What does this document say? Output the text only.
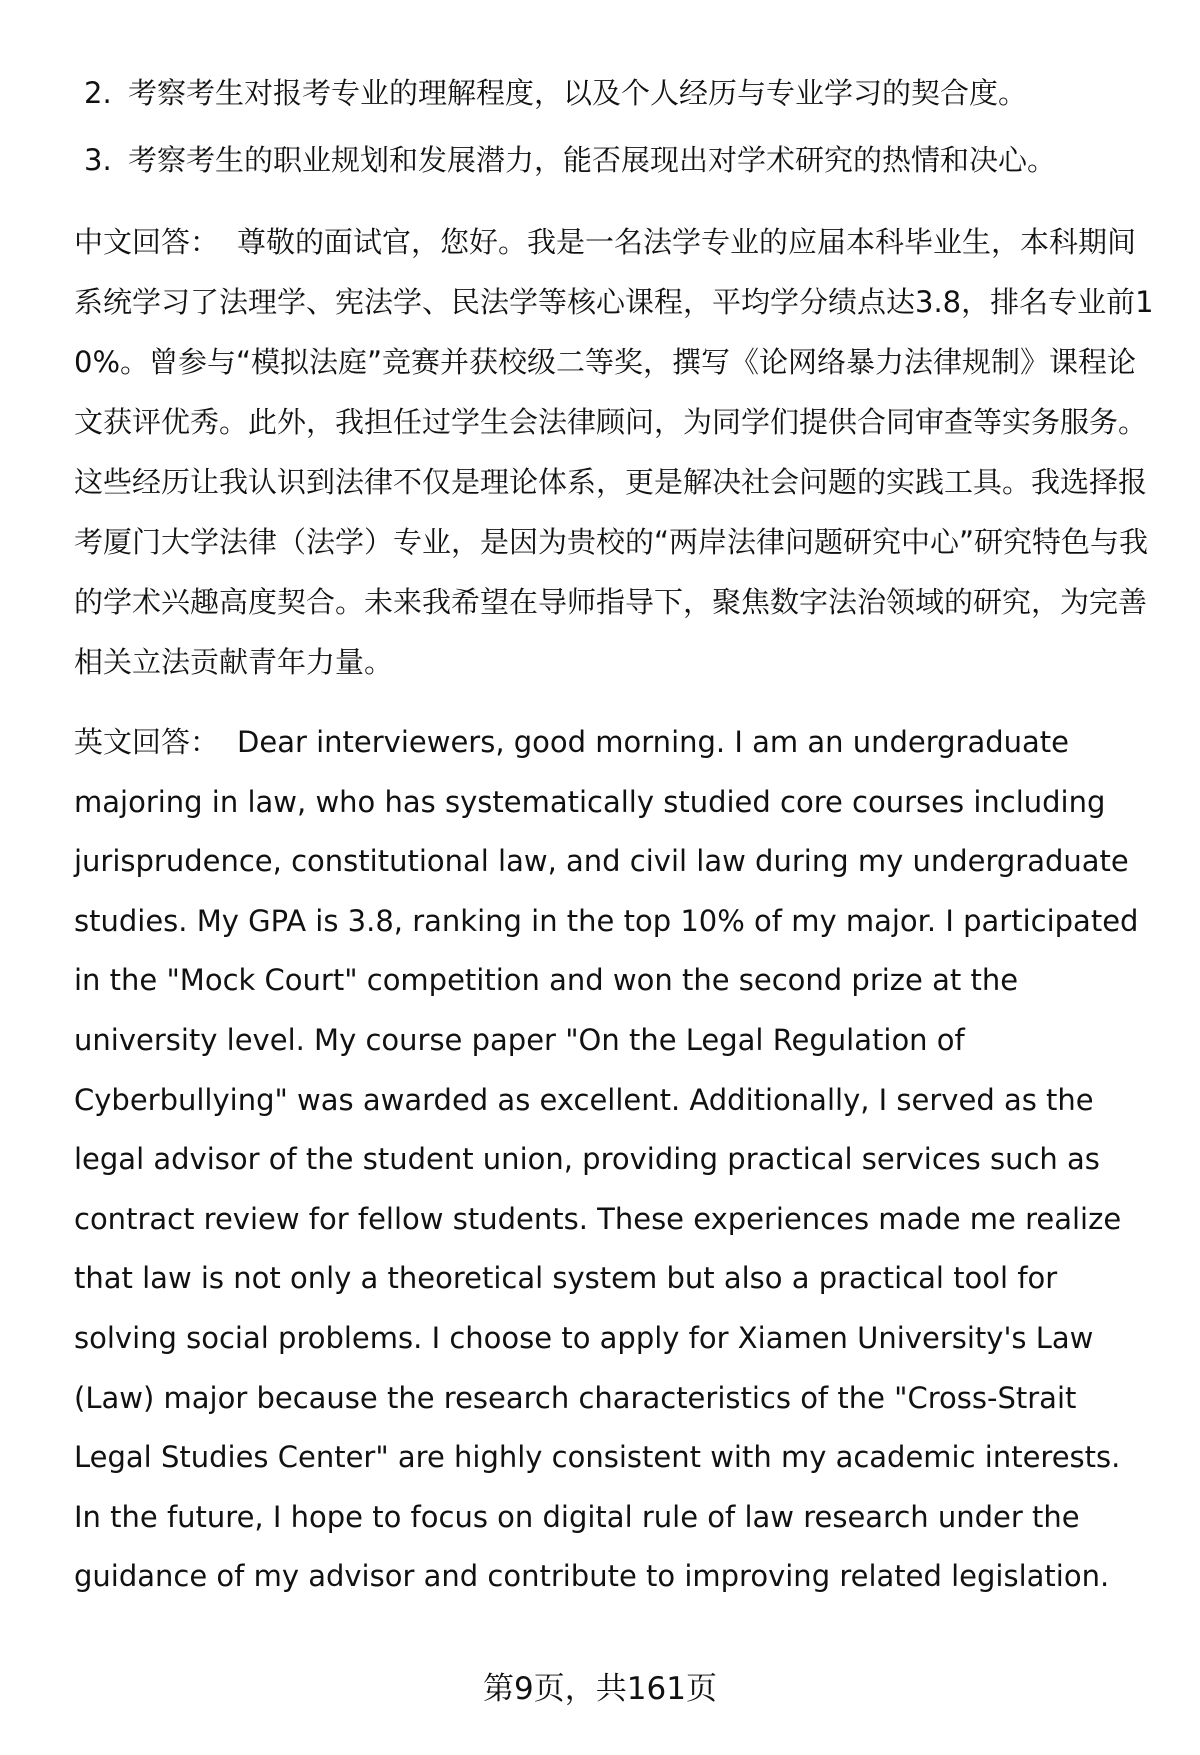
2. 考察考生对报考专业的理解程度，以及个人经历与专业学习的契合度。
3. 考察考生的职业规划和发展潜力，能否展现出对学术研究的热情和决心。

中文回答： 尊敬的面试官，您好。我是一名法学专业的应届本科毕业生，本科期间系统学习了法理学、宪法学、民法学等核心课程，平均学分绩点达3.8，排名专业前10%。曾参与“模拟法庭”竞赛并获校级二等奖，撰写《论网络暴力法律规制》课程论文获评优秀。此外，我担任过学生会法律顾问，为同学们提供合同审查等实务服务。这些经历让我认识到法律不仅是理论体系，更是解决社会问题的实践工具。我选择报考厦门大学法律（法学）专业，是因为贵校的“两岸法律问题研究中心”研究特色与我的学术兴趣高度契合。未来我希望在导师指导下，聚焦数字法治领域的研究，为完善相关立法贡献青年力量。

英文回答： Dear interviewers, good morning. I am an undergraduate majoring in law, who has systematically studied core courses including jurisprudence, constitutional law, and civil law during my undergraduate studies. My GPA is 3.8, ranking in the top 10% of my major. I participated in the "Mock Court" competition and won the second prize at the university level. My course paper "On the Legal Regulation of Cyberbullying" was awarded as excellent. Additionally, I served as the legal advisor of the student union, providing practical services such as contract review for fellow students. These experiences made me realize that law is not only a theoretical system but also a practical tool for solving social problems. I choose to apply for Xiamen University's Law (Law) major because the research characteristics of the "Cross-Strait Legal Studies Center" are highly consistent with my academic interests. In the future, I hope to focus on digital rule of law research under the guidance of my advisor and contribute to improving related legislation.

第9页，共161页
